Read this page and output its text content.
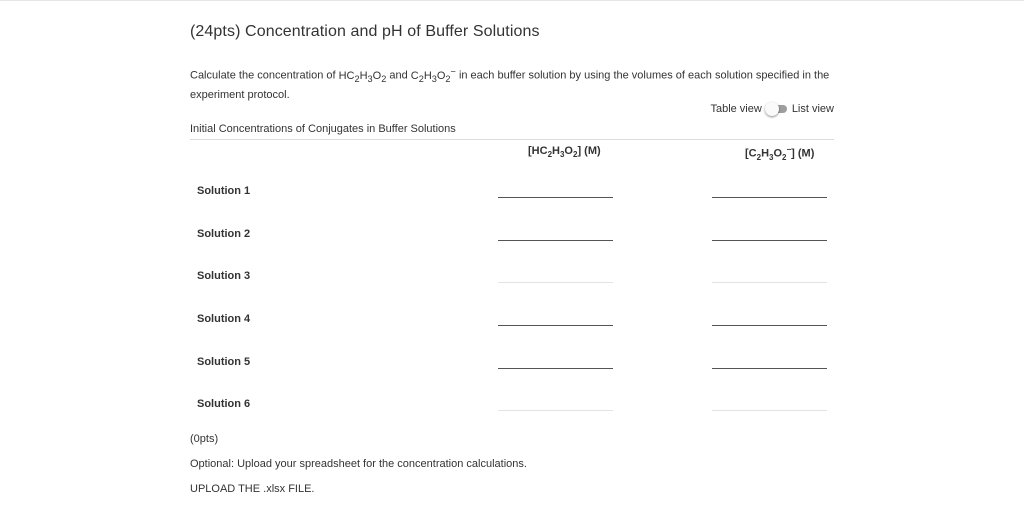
(24pts) Concentration and pH of Buffer Solutions
Calculate the concentration of $HC_2H_3O_2$ and $C_2H_3O_2^-$ in each buffer solution by using the volumes of each solution specified in the experiment protocol.
Table view	List view
Initial Concentrations of Conjugates in Buffer Solutions
$[HC_2H_3O_2]$ (M)	$[C_2H_3O_2^-]$ (M)
Solution 1
Solution 2
Solution 3
Solution 4
Solution 5
Solution 6
(0pts)
Optional: Upload your spreadsheet for the concentration calculations.
UPLOAD THE .xlsx FILE.
